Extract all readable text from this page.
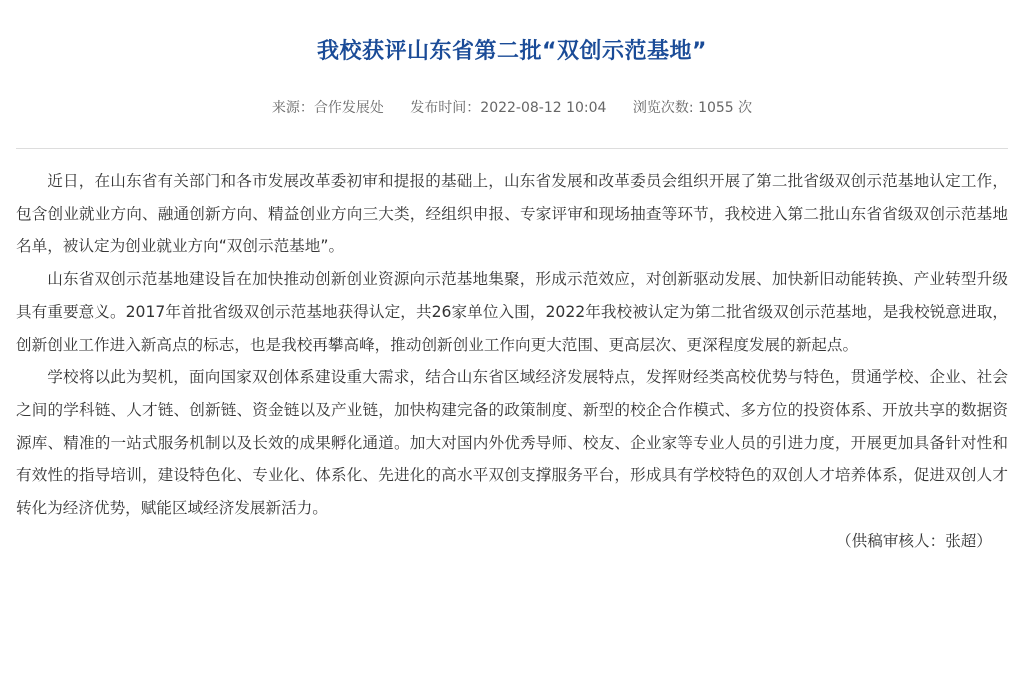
我校获评山东省第二批“双创示范基地”
来源：合作发展处 发布时间：2022-08-12 10:04 浏览次数: 1055 次

近日，在山东省有关部门和各市发展改革委初审和提报的基础上，山东省发展和改革委员会组织开展了第二批省级双创示范基地认定工作，包含创业就业方向、融通创新方向、精益创业方向三大类，经组织申报、专家评审和现场抽查等环节，我校进入第二批山东省省级双创示范基地名单，被认定为创业就业方向“双创示范基地”。

山东省双创示范基地建设旨在加快推动创新创业资源向示范基地集聚，形成示范效应，对创新驱动发展、加快新旧动能转换、产业转型升级具有重要意义。2017年首批省级双创示范基地获得认定，共26家单位入围，2022年我校被认定为第二批省级双创示范基地，是我校锐意进取，创新创业工作进入新高点的标志，也是我校再攀高峰，推动创新创业工作向更大范围、更高层次、更深程度发展的新起点。

学校将以此为契机，面向国家双创体系建设重大需求，结合山东省区域经济发展特点，发挥财经类高校优势与特色，贯通学校、企业、社会之间的学科链、人才链、创新链、资金链以及产业链，加快构建完备的政策制度、新型的校企合作模式、多方位的投资体系、开放共享的数据资源库、精准的一站式服务机制以及长效的成果孵化通道。加大对国内外优秀导师、校友、企业家等专业人员的引进力度，开展更加具备针对性和有效性的指导培训，建设特色化、专业化、体系化、先进化的高水平双创支撑服务平台，形成具有学校特色的双创人才培养体系，促进双创人才转化为经济优势，赋能区域经济发展新活力。

（供稿审核人：张超）
